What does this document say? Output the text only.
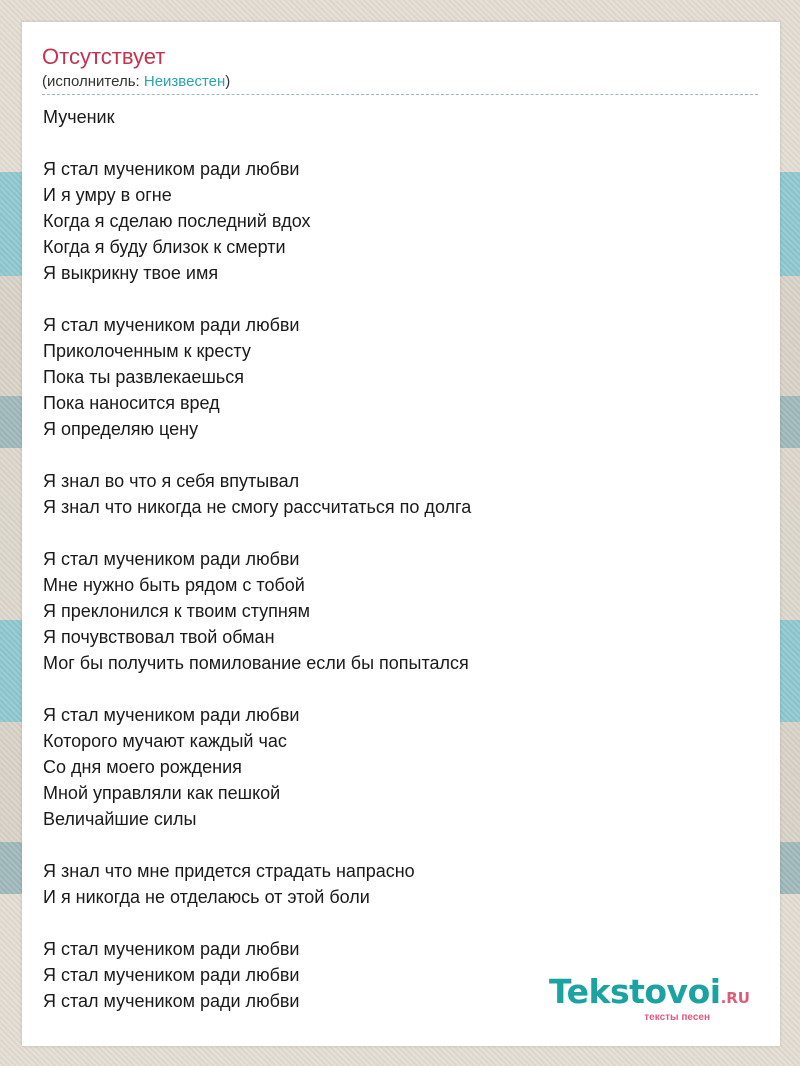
Отсутствует
(исполнитель: Неизвестен)
Мученик
Я стал мучеником ради любви
И я умру в огне
Когда я сделаю последний вдох
Когда я буду близок к смерти
Я выкрикну твое имя
Я стал мучеником ради любви
Приколоченным к кресту
Пока ты развлекаешься
Пока наносится вред
Я определяю цену
Я знал во что я себя впутывал
Я знал что никогда не смогу рассчитаться по долга
Я стал мучеником ради любви
Мне нужно быть рядом с тобой
Я преклонился к твоим ступням
Я почувствовал твой обман
Мог бы получить помилование если бы попытался
Я стал мучеником ради любви
Которого мучают каждый час
Со дня моего рождения
Мной управляли как пешкой
Величайшие силы
Я знал что мне придется страдать напрасно
И я никогда не отделаюсь от этой боли
Я стал мучеником ради любви
Я стал мучеником ради любви
Я стал мучеником ради любви	Tekstovoi.RU
тексты песен
